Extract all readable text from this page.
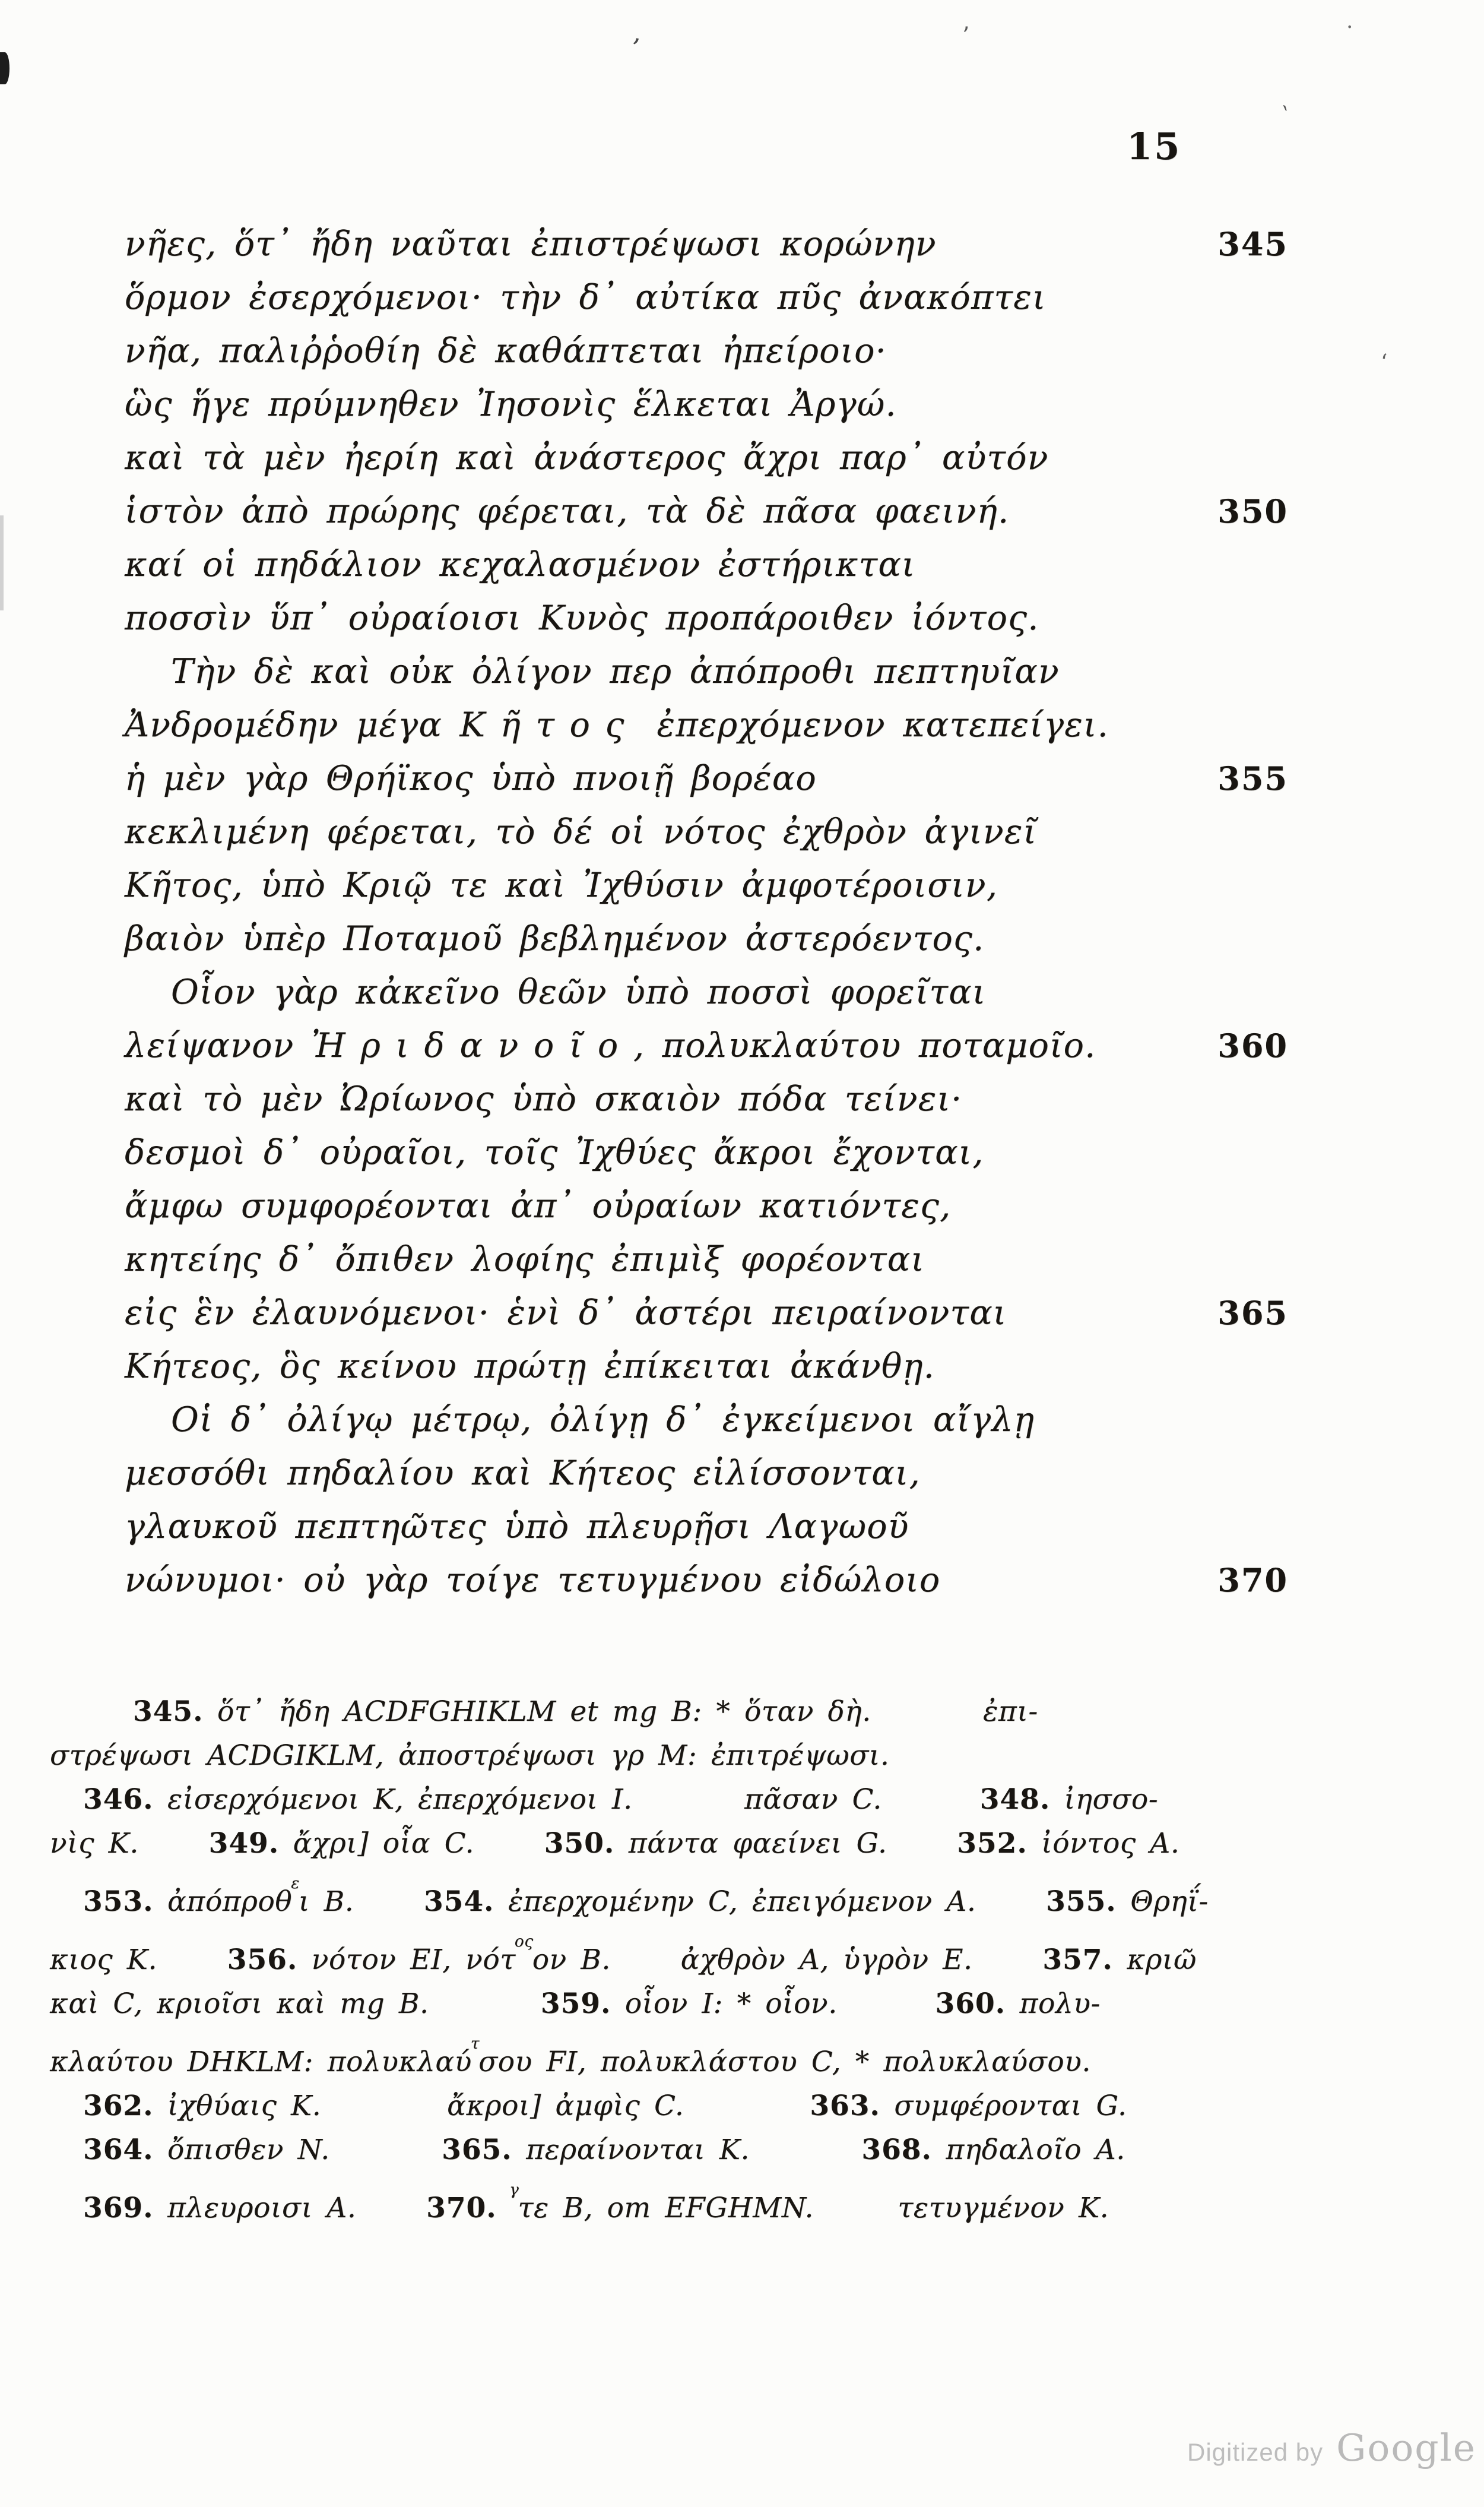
15
νῆες, ὅτ᾽ ἤδη ναῦται ἐπιστρέψωσι κορώνην	345
ὅρμον ἐσερχόμενοι· τὴν δ᾽ αὐτίκα πῦς ἀνακόπτει
νῆα, παλιῤῥοθίη δὲ καθάπτεται ἠπείροιο·
ὣς ἥγε πρύμνηθεν Ἰησονὶς ἕλκεται Ἀργώ.
καὶ τὰ μὲν ἠερίη καὶ ἀνάστερος ἄχρι παρ᾽ αὐτόν
ἱστὸν ἀπὸ πρώρης φέρεται, τὰ δὲ πᾶσα φαεινή.	350
καί οἱ πηδάλιον κεχαλασμένον ἐστήρικται
ποσσὶν ὕπ᾽ οὐραίοισι Κυνὸς προπάροιθεν ἰόντος.
Τὴν δὲ καὶ οὐκ ὀλίγον περ ἀπόπροθι πεπτηυῖαν
Ἀνδρομέδην μέγα Κῆτος ἐπερχόμενον κατεπείγει.
ἡ μὲν γὰρ Θρήϊκος ὑπὸ πνοιῇ βορέαο	355
κεκλιμένη φέρεται, τὸ δέ οἱ νότος ἐχθρὸν ἀγινεῖ
Κῆτος, ὑπὸ Κριῷ τε καὶ Ἰχθύσιν ἀμφοτέροισιν,
βαιὸν ὑπὲρ Ποταμοῦ βεβλημένον ἀστερόεντος.
Οἷον γὰρ κἀκεῖνο θεῶν ὑπὸ ποσσὶ φορεῖται
λείψανον Ἠριδανοῖο, πολυκλαύτου ποταμοῖο.	360
καὶ τὸ μὲν Ὠρίωνος ὑπὸ σκαιὸν πόδα τείνει·
δεσμοὶ δ᾽ οὐραῖοι, τοῖς Ἰχθύες ἄκροι ἔχονται,
ἄμφω συμφορέονται ἀπ᾽ οὐραίων κατιόντες,
κητείης δ᾽ ὄπιθεν λοφίης ἐπιμὶξ φορέονται
εἰς ἓν ἐλαυνόμενοι· ἑνὶ δ᾽ ἀστέρι πειραίνονται	365
Κήτεος, ὃς κείνου πρώτῃ ἐπίκειται ἀκάνθῃ.
Οἱ δ᾽ ὀλίγῳ μέτρῳ, ὀλίγῃ δ᾽ ἐγκείμενοι αἴγλῃ
μεσσόθι πηδαλίου καὶ Κήτεος εἱλίσσονται,
γλαυκοῦ πεπτηῶτες ὑπὸ πλευρῇσι Λαγωοῦ
νώνυμοι· οὐ γὰρ τοίγε τετυγμένου εἰδώλοιο	370
345. ὅτ᾽ ἤδη ACDFGHIKLM et mg B: * ὅταν δὴ.        ἐπι-
στρέψωσι ACDGIKLM, ἀποστρέψωσι γρ M: ἐπιτρέψωσι.
346. εἰσερχόμενοι K, ἐπερχόμενοι I.        πᾶσαν C.       348. ἰησσο-
νὶς K.     349. ἄχρι] οἷα C.     350. πάντα φαείνει G.     352. ἰόντος A.
353. ἀπόπροθ$^\varepsilon$ι B.     354. ἐπερχομένην C, ἐπειγόμενον A.     355. Θρηΐ-
κιος K.     356. νότον EI, νότ$^{o\varsigma}$ον B.     ἀχθρὸν A, ὑγρὸν E.     357. κριῶ
καὶ C, κριοῖσι καὶ mg B.        359. οἷον I: * οἷον.       360. πολυ-
κλαύτου DHKLM: πολυκλαύ$^\tau$σου FI, πολυκλάστου C, * πολυκλαύσου.
362. ἰχθύαις K.         ἄκροι] ἀμφὶς C.         363. συμφέρονται G.
364. ὄπισθεν N.        365. περαίνονται K.        368. πηδαλοῖο A.
369. πλευροισι A.     370. $^\gamma$τε B, om EFGHMN.      τετυγμένον K.
Digitized by Google
’	ʼ	·
`
‘
